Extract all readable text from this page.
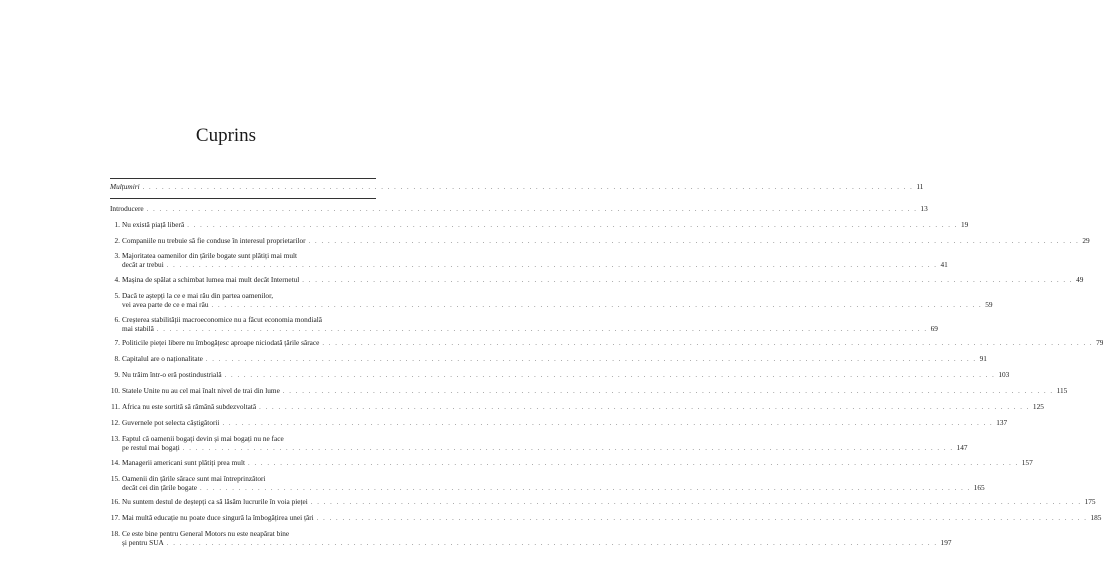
Cuprins
Mulțumiri . . . . . . . . . . . . . . . . . . . . . . . . . . . . . . . . . . . . . . . . . . . . . . . . . . . . . . . . . . . . . . . . . . . . . . . . . . . . . . . . . . . . . . . . . . . . . . . . . . . . . . . . . . . . . . . . . . . . . . . . 11
Introducere . . . . . . . . . . . . . . . . . . . . . . . . . . . . . . . . . . . . . . . . . . . . . . . . . . . . . . . . . . . . . . . . . . . . . . . . . . . . . . . . . . . . . . . . . . . . . . . . . . . . . . . . . . . . . . . . . . . . . . . . 13
1. Nu există piață liberă . . . . . . . . . . . . . . . . . . . . . . . . . . . . . . . . . . . . . . . . . . . . . . . . . . . . . . . . . . . . . . . . . . . . . . . . . . . . . . . . . . . . . . . . . . . . . . . . . . . . . . . . . . . . . . . . . . . . . . . . 19
2. Companiile nu trebuie să fie conduse în interesul proprietarilor . . . . . . . . . . . . . . . . . . . . . . . . . . . . . . . . . . . . . . . . . . . . . . . . . . . . . . . . . . . . . . . . . . . . . . . . . . . . . . . . . . . . . . . . . . . . . . . . . . . . . . . . . . . . . . . . . . . . . . . . 29
3. Majoritatea oamenilor din țările bogate sunt plătiți mai mult
decât ar trebui . . . . . . . . . . . . . . . . . . . . . . . . . . . . . . . . . . . . . . . . . . . . . . . . . . . . . . . . . . . . . . . . . . . . . . . . . . . . . . . . . . . . . . . . . . . . . . . . . . . . . . . . . . . . . . . . . . . . . . . . 41
4. Mașina de spălat a schimbat lumea mai mult decât Internetul . . . . . . . . . . . . . . . . . . . . . . . . . . . . . . . . . . . . . . . . . . . . . . . . . . . . . . . . . . . . . . . . . . . . . . . . . . . . . . . . . . . . . . . . . . . . . . . . . . . . . . . . . . . . . . . . . . . . . . . . 49
5. Dacă te aștepți la ce e mai rău din partea oamenilor,
vei avea parte de ce e mai rău . . . . . . . . . . . . . . . . . . . . . . . . . . . . . . . . . . . . . . . . . . . . . . . . . . . . . . . . . . . . . . . . . . . . . . . . . . . . . . . . . . . . . . . . . . . . . . . . . . . . . . . . . . . . . . . . . . . . . . . . 59
6. Creșterea stabilității macroeconomice nu a făcut economia mondială
mai stabilă . . . . . . . . . . . . . . . . . . . . . . . . . . . . . . . . . . . . . . . . . . . . . . . . . . . . . . . . . . . . . . . . . . . . . . . . . . . . . . . . . . . . . . . . . . . . . . . . . . . . . . . . . . . . . . . . . . . . . . . . 69
7. Politicile pieței libere nu îmbogățesc aproape niciodată țările sărace . . . . . . . . . . . . . . . . . . . . . . . . . . . . . . . . . . . . . . . . . . . . . . . . . . . . . . . . . . . . . . . . . . . . . . . . . . . . . . . . . . . . . . . . . . . . . . . . . . . . . . . . . . . . . . . . . . . . . . . . 79
8. Capitalul are o naționalitate . . . . . . . . . . . . . . . . . . . . . . . . . . . . . . . . . . . . . . . . . . . . . . . . . . . . . . . . . . . . . . . . . . . . . . . . . . . . . . . . . . . . . . . . . . . . . . . . . . . . . . . . . . . . . . . . . . . . . . . . 91
9. Nu trăim într-o eră postindustrială . . . . . . . . . . . . . . . . . . . . . . . . . . . . . . . . . . . . . . . . . . . . . . . . . . . . . . . . . . . . . . . . . . . . . . . . . . . . . . . . . . . . . . . . . . . . . . . . . . . . . . . . . . . . . . . . . . . . . . . . 103
10. Statele Unite nu au cel mai înalt nivel de trai din lume . . . . . . . . . . . . . . . . . . . . . . . . . . . . . . . . . . . . . . . . . . . . . . . . . . . . . . . . . . . . . . . . . . . . . . . . . . . . . . . . . . . . . . . . . . . . . . . . . . . . . . . . . . . . . . . . . . . . . . . . 115
11. Africa nu este sortită să rămână subdezvoltată . . . . . . . . . . . . . . . . . . . . . . . . . . . . . . . . . . . . . . . . . . . . . . . . . . . . . . . . . . . . . . . . . . . . . . . . . . . . . . . . . . . . . . . . . . . . . . . . . . . . . . . . . . . . . . . . . . . . . . . . 125
12. Guvernele pot selecta câștigătorii . . . . . . . . . . . . . . . . . . . . . . . . . . . . . . . . . . . . . . . . . . . . . . . . . . . . . . . . . . . . . . . . . . . . . . . . . . . . . . . . . . . . . . . . . . . . . . . . . . . . . . . . . . . . . . . . . . . . . . . . 137
13. Faptul că oamenii bogați devin și mai bogați nu ne face
pe restul mai bogați . . . . . . . . . . . . . . . . . . . . . . . . . . . . . . . . . . . . . . . . . . . . . . . . . . . . . . . . . . . . . . . . . . . . . . . . . . . . . . . . . . . . . . . . . . . . . . . . . . . . . . . . . . . . . . . . . . . . . . . . 147
14. Managerii americani sunt plătiți prea mult . . . . . . . . . . . . . . . . . . . . . . . . . . . . . . . . . . . . . . . . . . . . . . . . . . . . . . . . . . . . . . . . . . . . . . . . . . . . . . . . . . . . . . . . . . . . . . . . . . . . . . . . . . . . . . . . . . . . . . . . 157
15. Oamenii din țările sărace sunt mai întreprinzători
decât cei din țările bogate . . . . . . . . . . . . . . . . . . . . . . . . . . . . . . . . . . . . . . . . . . . . . . . . . . . . . . . . . . . . . . . . . . . . . . . . . . . . . . . . . . . . . . . . . . . . . . . . . . . . . . . . . . . . . . . . . . . . . . . . 165
16. Nu suntem destul de deștepți ca să lăsăm lucrurile în voia pieței . . . . . . . . . . . . . . . . . . . . . . . . . . . . . . . . . . . . . . . . . . . . . . . . . . . . . . . . . . . . . . . . . . . . . . . . . . . . . . . . . . . . . . . . . . . . . . . . . . . . . . . . . . . . . . . . . . . . . . . . 175
17. Mai multă educație nu poate duce singură la îmbogățirea unei țări . . . . . . . . . . . . . . . . . . . . . . . . . . . . . . . . . . . . . . . . . . . . . . . . . . . . . . . . . . . . . . . . . . . . . . . . . . . . . . . . . . . . . . . . . . . . . . . . . . . . . . . . . . . . . . . . . . . . . . . . 185
18. Ce este bine pentru General Motors nu este neapărat bine
și pentru SUA . . . . . . . . . . . . . . . . . . . . . . . . . . . . . . . . . . . . . . . . . . . . . . . . . . . . . . . . . . . . . . . . . . . . . . . . . . . . . . . . . . . . . . . . . . . . . . . . . . . . . . . . . . . . . . . . . . . . . . . . 197
